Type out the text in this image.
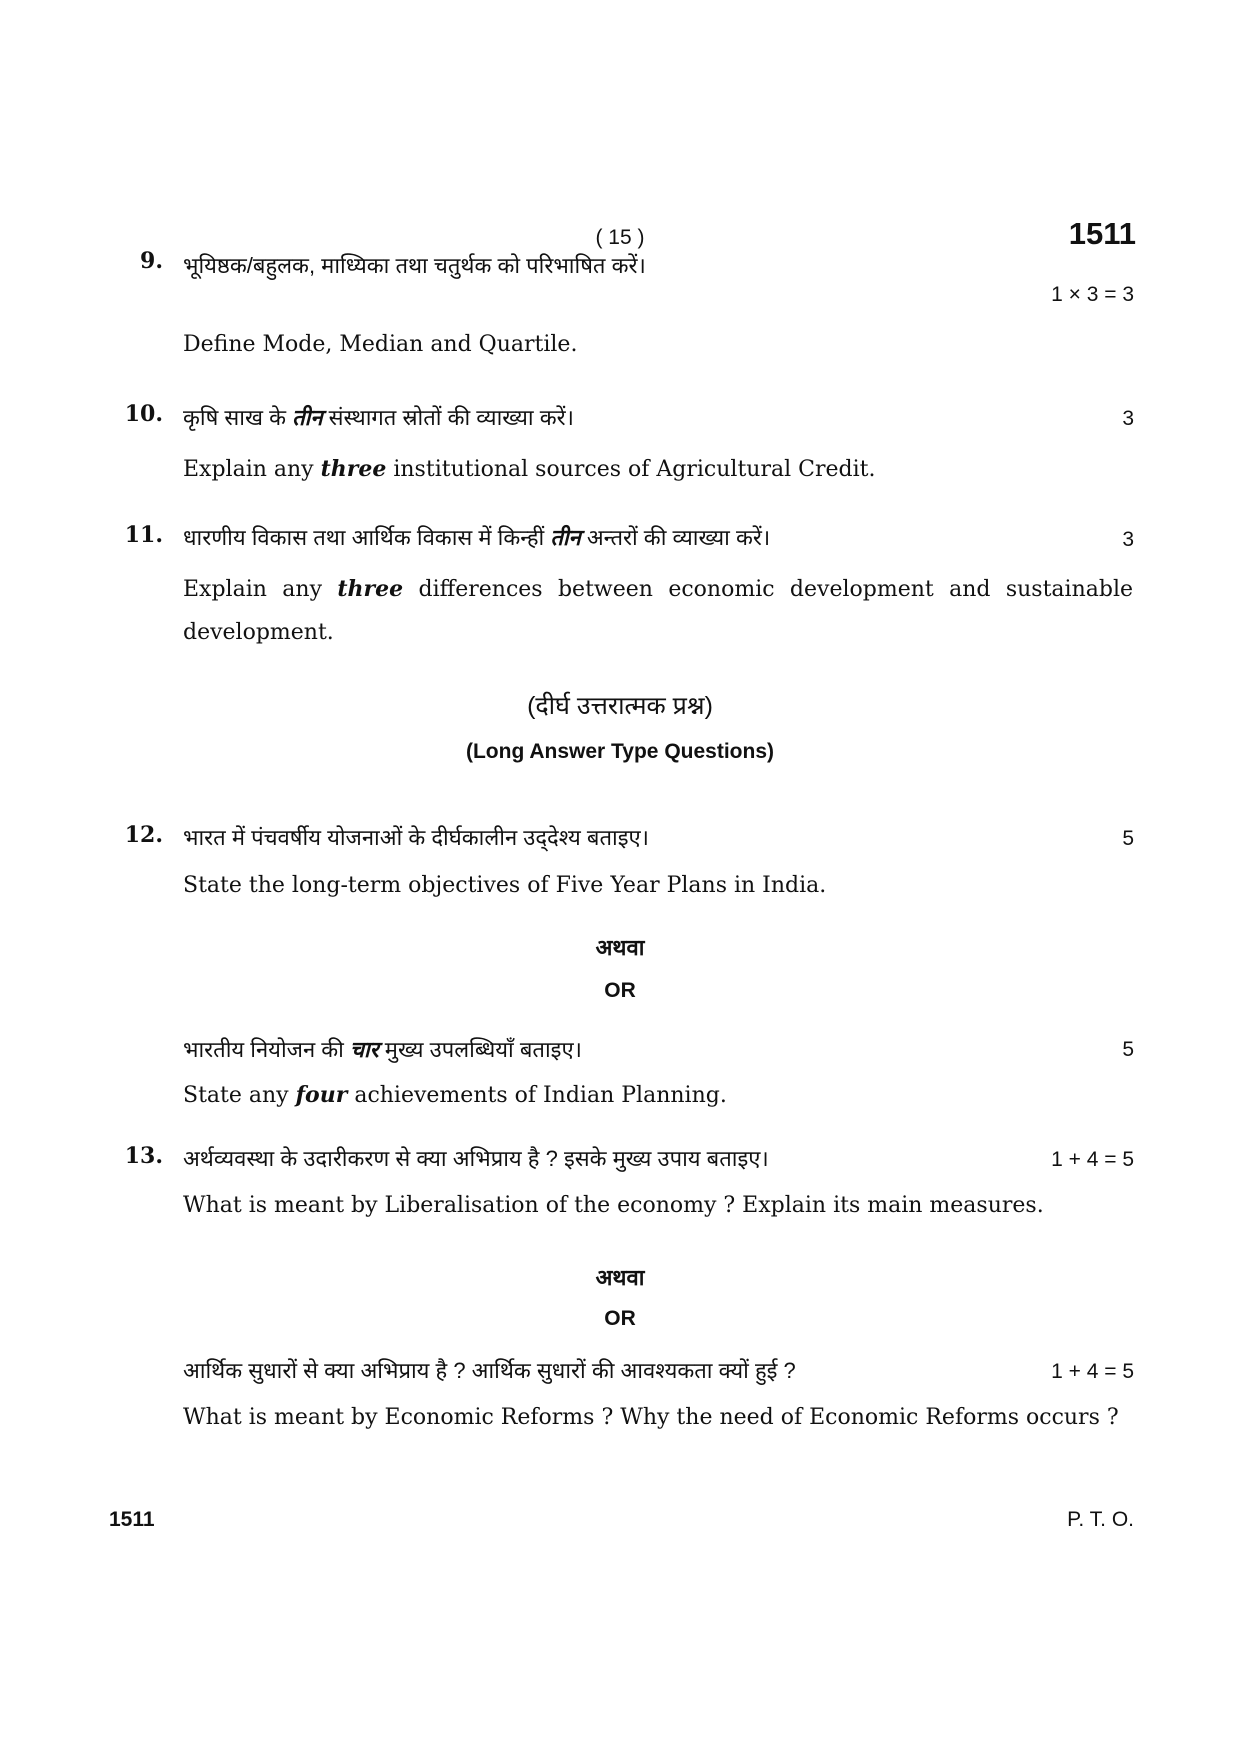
( 15 )	1511
9. भूयिष्ठक/बहुलक, माध्यिका तथा चतुर्थक को परिभाषित करें।
1 × 3 = 3
Define Mode, Median and Quartile.
10. कृषि साख के तीन संस्थागत स्रोतों की व्याख्या करें।	3
Explain any three institutional sources of Agricultural Credit.
11. धारणीय विकास तथा आर्थिक विकास में किन्हीं तीन अन्तरों की व्याख्या करें।	3
Explain any three differences between economic development and sustainable development.
(दीर्घ उत्तरात्मक प्रश्न)
(Long Answer Type Questions)
12. भारत में पंचवर्षीय योजनाओं के दीर्घकालीन उद्‌देश्य बताइए।	5
State the long-term objectives of Five Year Plans in India.
अथवा
OR
भारतीय नियोजन की चार मुख्य उपलब्धियाँ बताइए।	5
State any four achievements of Indian Planning.
13. अर्थव्यवस्था के उदारीकरण से क्या अभिप्राय है ? इसके मुख्य उपाय बताइए।	1 + 4 = 5
What is meant by Liberalisation of the economy ? Explain its main measures.
अथवा
OR
आर्थिक सुधारों से क्या अभिप्राय है ? आर्थिक सुधारों की आवश्यकता क्यों हुई ?	1 + 4 = 5
What is meant by Economic Reforms ? Why the need of Economic Reforms occurs ?
1511	P. T. O.
